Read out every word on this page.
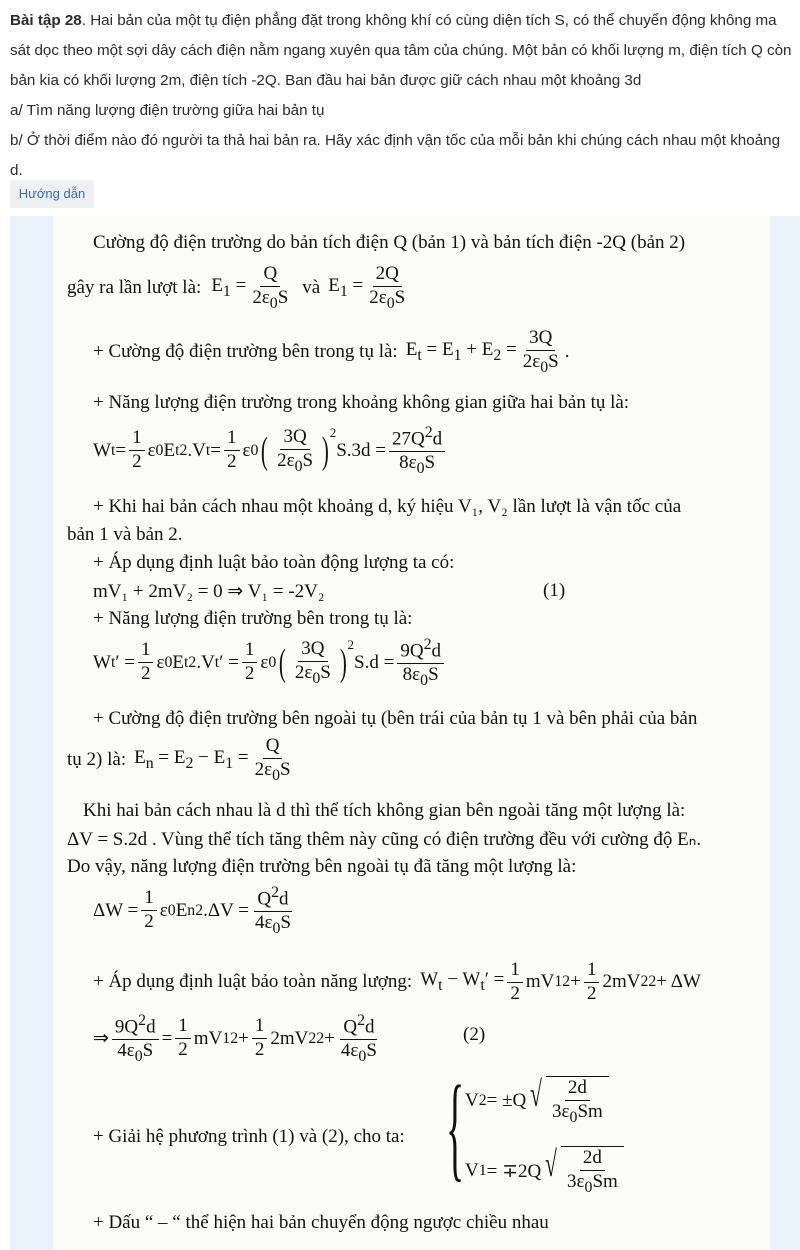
Bài tập 28. Hai bản của một tụ điện phẳng đặt trong không khí có cùng diện tích S, có thể chuyển động không ma sát dọc theo một sợi dây cách điện nằm ngang xuyên qua tâm của chúng. Một bản có khối lượng m, điện tích Q còn bản kia có khối lượng 2m, điện tích -2Q. Ban đầu hai bản được giữ cách nhau một khoảng 3d
a/ Tìm năng lượng điện trường giữa hai bản tụ
b/ Ở thời điểm nào đó người ta thả hai bản ra. Hãy xác định vận tốc của mỗi bản khi chúng cách nhau một khoảng d.
Hướng dẫn
Cường độ điện trường do bản tích điện Q (bản 1) và bản tích điện -2Q (bản 2)
gây ra lần lượt là: $E_1 = \frac{Q}{2\varepsilon_0S}$ và $E_1 = \frac{2Q}{2\varepsilon_0S}$
+ Cường độ điện trường bên trong tụ là: $E_t = E_1 + E_2 = \frac{3Q}{2\varepsilon_0S}$ .
+ Năng lượng điện trường trong khoảng không gian giữa hai bản tụ là:
W $t = \frac{1}{2}$ ε 0 E t 2 .V $t = \frac{1}{2}$ ε 0 ( $\frac{3Q}{2\varepsilon_0S}$ ) 2
$S.3d = \frac{27Q^2d}{8\varepsilon_0S}$
+ Khi hai bản cách nhau một khoảng d, ký hiệu V₁, V₂ lần lượt là vận tốc của
bản 1 và bản 2.
+ Áp dụng định luật bảo toàn động lượng ta có:
mV₁ + 2mV₂ = 0 ⇒ V₁ = -2V₂	(1)
+ Năng lượng điện trường bên trong tụ là:
W t ′ = $\frac{1}{2}$ ε 0 E t 2 .V t ′ = $\frac{1}{2}$ ε 0 ( $\frac{3Q}{2\varepsilon_0S}$ ) 2
$S.d = \frac{9Q^2d}{8\varepsilon_0S}$
+ Cường độ điện trường bên ngoài tụ (bên trái của bản tụ 1 và bên phải của bản
tụ 2) là: $E_n = E_2 - E_1 = \frac{Q}{2\varepsilon_0S}$
Khi hai bản cách nhau là d thì thể tích không gian bên ngoài tăng một lượng là:
ΔV = S.2d . Vùng thể tích tăng thêm này cũng có điện trường đều với cường độ Eₙ.
Do vậy, năng lượng điện trường bên ngoài tụ đã tăng một lượng là:
$\Delta W = \frac{1}{2}$ ε 0 E n 2 $.\Delta V = \frac{Q^2d}{4\varepsilon_0S}$
+ Áp dụng định luật bảo toàn năng lượng: $W_t - W_t' = \frac{1}{2}$ mV 1 $2 + \frac{1}{2} 2mV$ 2 2 + ΔW
⇒ $\frac{9Q^2d}{4\varepsilon_0S} = \frac{1}{2}$ mV 1 $2 + \frac{1}{2} 2mV$ 2 $2 + \frac{Q^2d}{4\varepsilon_0S}$	(2)
+ Giải hệ phương trình (1) và (2), cho ta: { V 2 = ±Q √ $\frac{2d}{3\varepsilon_0Sm}$
V 1 = ∓2Q √ $\frac{2d}{3\varepsilon_0Sm}$
+ Dấu “ – “ thể hiện hai bản chuyển động ngược chiều nhau
